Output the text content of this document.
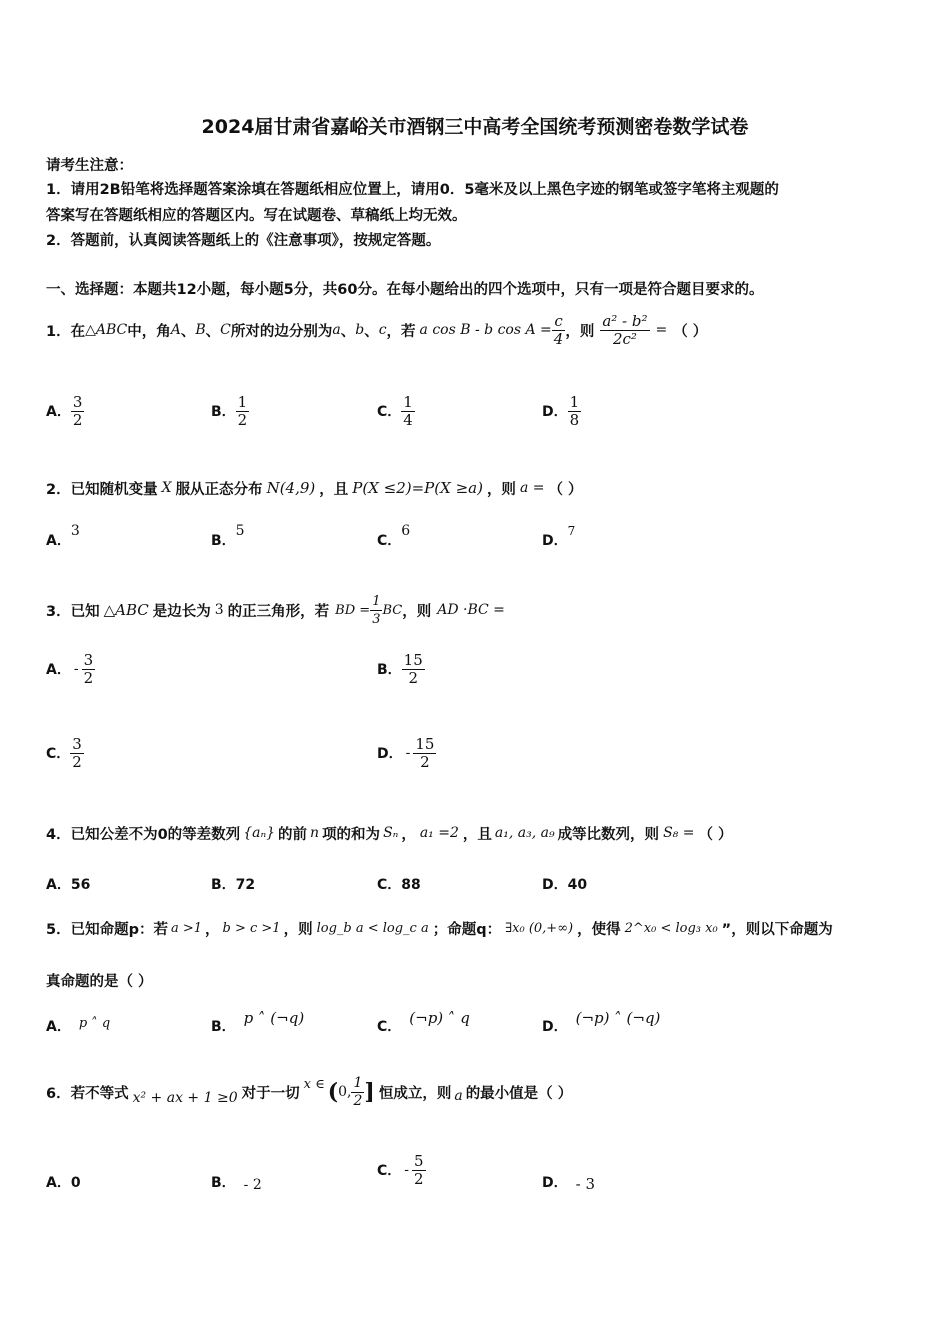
2024届甘肃省嘉峪关市酒钢三中高考全国统考预测密卷数学试卷
请考生注意：
1．请用2B铅笔将选择题答案涂填在答题纸相应位置上，请用0．5毫米及以上黑色字迹的钢笔或签字笔将主观题的
答案写在答题纸相应的答题区内。写在试题卷、草稿纸上均无效。
2．答题前，认真阅读答题纸上的《注意事项》，按规定答题。
一、选择题：本题共12小题，每小题5分，共60分。在每小题给出的四个选项中，只有一项是符合题目要求的。
1．在 △ABC 中，角 A 、 B 、 C 所对的边分别为 a 、 b 、 c ，若 a cos B - b $\cos A = \frac{c}{4}$ ，则 $\frac{\text{a² - b²}}{\text{2c²}}$ = （ ）
A． $\frac{3}{2}$	B． $\frac{1}{2}$	C． $\frac{1}{4}$	D． $\frac{1}{8}$
2．已知随机变量 X 服从正态分布 N(4,9) ，且 P(X ≤2)=P(X ≥a) ，则 a = （ ）
A．3
B．5
C．6
D．7
3．已知 △ABC 是边长为 3 的正三角形，若 BD = $\frac{1}{3}$ BC ，则 AD ·BC =
A． - $\frac{3}{2}$	B． $\frac{15}{2}$
C． $\frac{3}{2}$	D． - $\frac{15}{2}$
4．已知公差不为0的等差数列 {aₙ} 的前 n 项的和为 Sₙ ， a₁ =2 ，且 a₁, a₃, a₉ 成等比数列，则 S₈ = （ ）
A．56	B．72	C．88	D．40
5．已知命题p：若 a >1 ， b > c >1 ，则 log_b a < log_c a ；命题q： ∃x₀ (0,+∞) ，使得 2^x₀ < log₃ x₀ ”，则以下命题为
真命题的是（ ）
A． p ˄ q	B． p ˄ (¬q)	C． (¬p) ˄ q	D． (¬p) ˄ (¬q)
6．若不等式 x² + ax + 1 ≥0 对于一切
x ∈ ( 0, $\frac{1}{2}$ ] 恒成立，则 a 的最小值是（ ）
A．0	B． - 2
C． - $\frac{5}{2}$	D． - 3
